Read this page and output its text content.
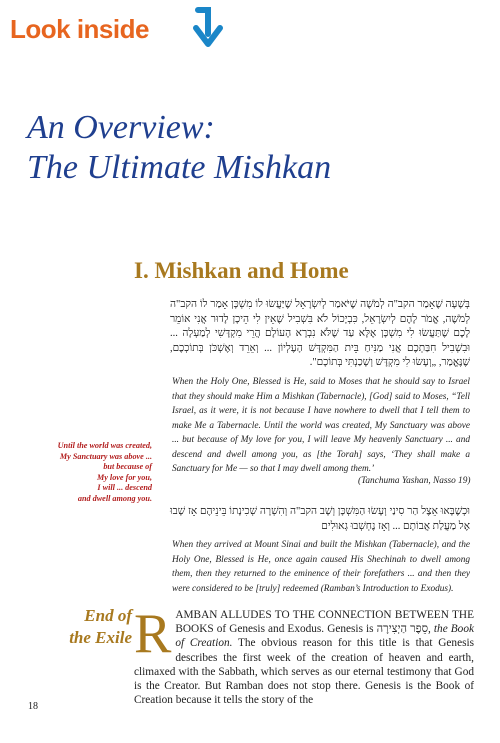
Look inside
An Overview:
The Ultimate Mishkan
I. Mishkan and Home
בְּשָׁעָה שֶׁאָמַר הקב"ה לְמֹשֶׁה שֶׁיֹּאמַר לְיִשְׂרָאֵל שֶׁיַּעֲשׂוּ לוֹ מִשְׁכָּן אָמַר לוֹ הקב"ה לְמֹשֶׁה, אֱמֹר לָהֶם לְיִשְׂרָאֵל, כִּבְיָכוֹל לֹא בִּשְׁבִיל שֶׁאֵין לִי הֵיכָן לָדוּר אֲנִי אוֹמֵר לָכֶם שֶׁתַּעֲשׂוּ לִי מִשְׁכָּן אֶלָּא עַד שֶׁלֹּא נִבְרָא הָעוֹלָם הֲרֵי מִקְדָּשִׁי לְמַעְלָה ... וּבִשְׁבִיל חִבַּתְכֶם אֲנִי מַנִּיחַ בֵּית הַמִּקְדָּשׁ הָעֶלְיוֹן ... וְאֵרֵד וְאֶשְׁכֹּן בְּתוֹכְכֶם, שֶׁנֶּאֱמַר, „וְעָשׂוּ לִי מִקְדָּשׁ וְשָׁכַנְתִּי בְּתוֹכָם".
When the Holy One, Blessed is He, said to Moses that he should say to Israel that they should make Him a Mishkan (Tabernacle), [God] said to Moses, “Tell Israel, as it were, it is not because I have nowhere to dwell that I tell them to make Me a Tabernacle. Until the world was created, My Sanctuary was above ... but because of My love for you, I will leave My heavenly Sanctuary ... and descend and dwell among you, as [the Torah] says, ‘They shall make a Sanctuary for Me — so that I may dwell among them.’
(Tanchuma Yashan, Nasso 19)
Until the world was created,
My Sanctuary was above ...
but because of
My love for you,
I will ... descend
and dwell among you.
וּכְשֶׁבָּאוּ אֵצֶל הַר סִינַי וְעָשׂוּ הַמִּשְׁכָּן וְשָׁב הקב"ה וְהִשְׁרָה שְׁכִינָתוֹ בֵּינֵיהֶם אָז שָׁבוּ אֶל מַעֲלַת אֲבוֹתָם ... וְאָז נֶחְשְׁבוּ גְאוּלִים
When they arrived at Mount Sinai and built the Mishkan (Tabernacle), and the Holy One, Blessed is He, once again caused His Shechinah to dwell among them, then they returned to the eminence of their forefathers ... and then they were considered to be [truly] redeemed (Ramban’s Introduction to Exodus).
End of
the Exile RAMBAN ALLUDES TO THE CONNECTION BETWEEN THE BOOKS of Genesis and Exodus. Genesis is סֵפֶר הַיְצִירָה, the Book of Creation. The obvious reason for this title is that Genesis describes the first week of the creation of heaven and earth, climaxed with the Sabbath, which serves as our eternal testimony that God is the Creator. But Ramban does not stop there. Genesis is the Book of Creation because it tells the story of the
18
